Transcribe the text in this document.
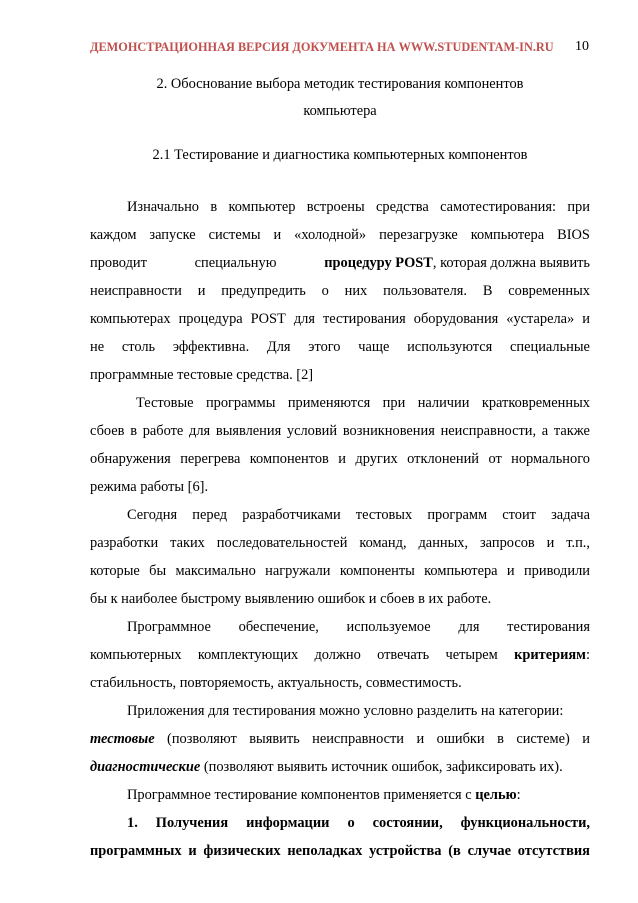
ДЕМОНСТРАЦИОННАЯ ВЕРСИЯ ДОКУМЕНТА НА WWW.STUDENTAM-IN.RU 10
2. Обоснование выбора методик тестирования компонентов
компьютера
2.1 Тестирование и диагностика компьютерных компонентов
Изначально в компьютер встроены средства самотестирования: при
каждом запуске системы и «холодной» перезагрузке компьютера BIOS
проводит	специальную	процедуру POST, которая должна выявить
неисправности и предупредить о них пользователя. В современных
компьютерах процедура POST для тестирования оборудования «устарела» и
не столь эффективна. Для этого чаще используются специальные
программные тестовые средства. [2]
Тестовые программы применяются при наличии кратковременных
сбоев в работе для выявления условий возникновения неисправности, а также
обнаружения перегрева компонентов и других отклонений от нормального
режима работы [6].
Сегодня перед разработчиками тестовых программ стоит задача
разработки таких последовательностей команд, данных, запросов и т.п.,
которые бы максимально нагружали компоненты компьютера и приводили
бы к наиболее быстрому выявлению ошибок и сбоев в их работе.
Программное обеспечение, используемое для тестирования
компьютерных комплектующих должно отвечать четырем критериям:
стабильность, повторяемость, актуальность, совместимость.
Приложения для тестирования можно условно разделить на категории:
тестовые (позволяют выявить неисправности и ошибки в системе) и
диагностические (позволяют выявить источник ошибок, зафиксировать их).
Программное тестирование компонентов применяется с целью:
1. Получения информации о состоянии, функциональности,
программных и физических неполадках устройства (в случае отсутствия
